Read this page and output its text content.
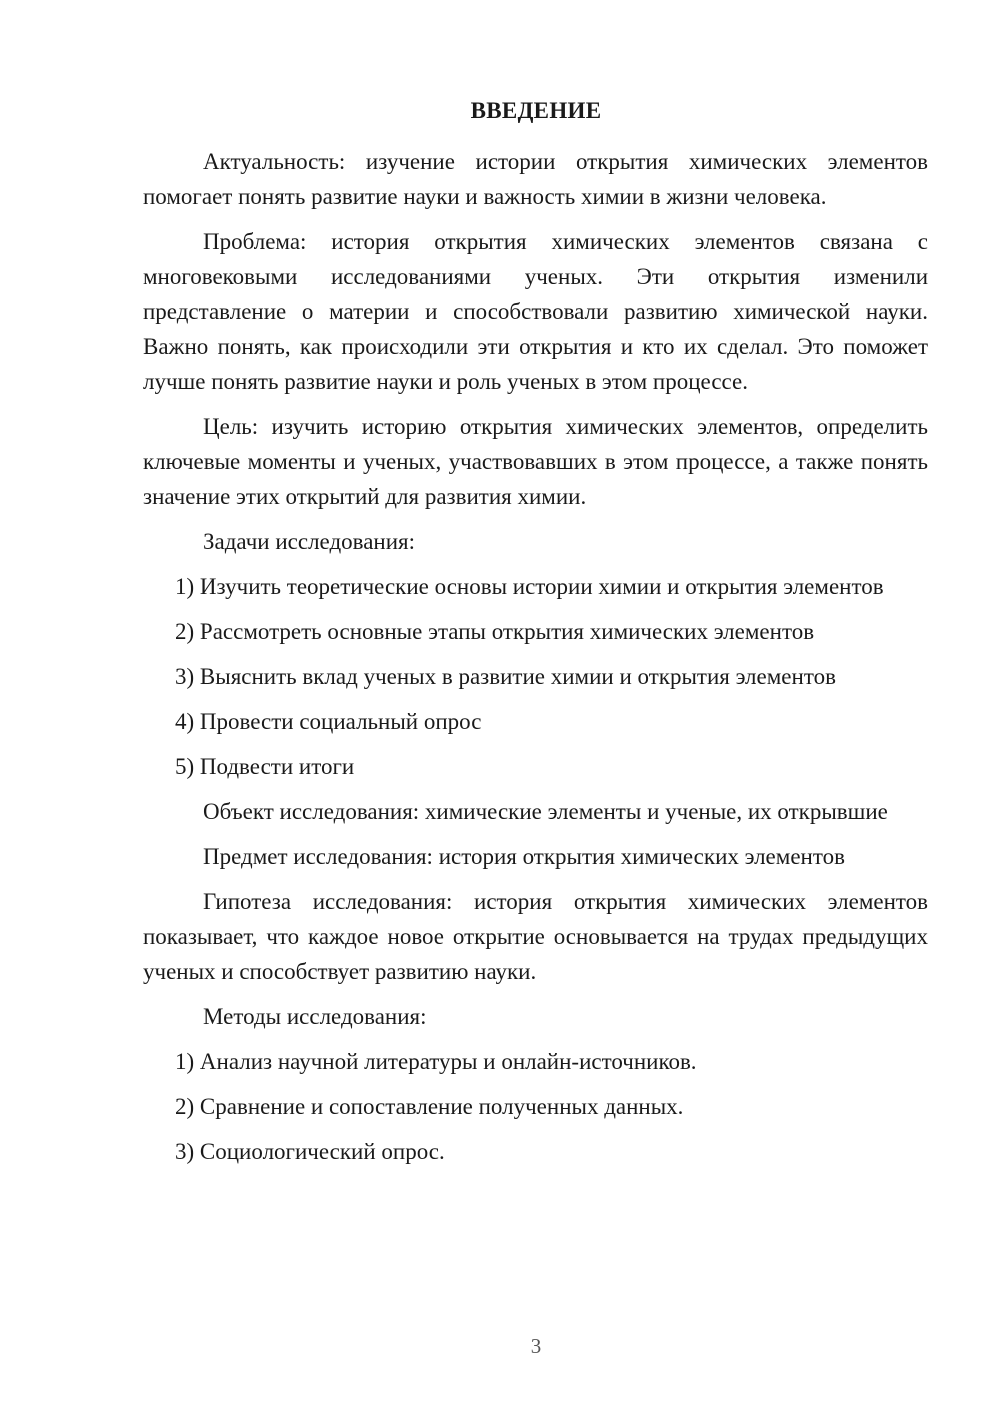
ВВЕДЕНИЕ

Актуальность: изучение истории открытия химических элементов помогает понять развитие науки и важность химии в жизни человека.

Проблема: история открытия химических элементов связана с многовековыми исследованиями ученых. Эти открытия изменили представление о материи и способствовали развитию химической науки. Важно понять, как происходили эти открытия и кто их сделал. Это поможет лучше понять развитие науки и роль ученых в этом процессе.

Цель: изучить историю открытия химических элементов, определить ключевые моменты и ученых, участвовавших в этом процессе, а также понять значение этих открытий для развития химии.

Задачи исследования:

1) Изучить теоретические основы истории химии и открытия элементов

2) Рассмотреть основные этапы открытия химических элементов

3) Выяснить вклад ученых в развитие химии и открытия элементов

4) Провести социальный опрос

5) Подвести итоги

Объект исследования: химические элементы и ученые, их открывшие

Предмет исследования: история открытия химических элементов

Гипотеза исследования: история открытия химических элементов показывает, что каждое новое открытие основывается на трудах предыдущих ученых и способствует развитию науки.

Методы исследования:

1) Анализ научной литературы и онлайн-источников.

2) Сравнение и сопоставление полученных данных.

3) Социологический опрос.

3
